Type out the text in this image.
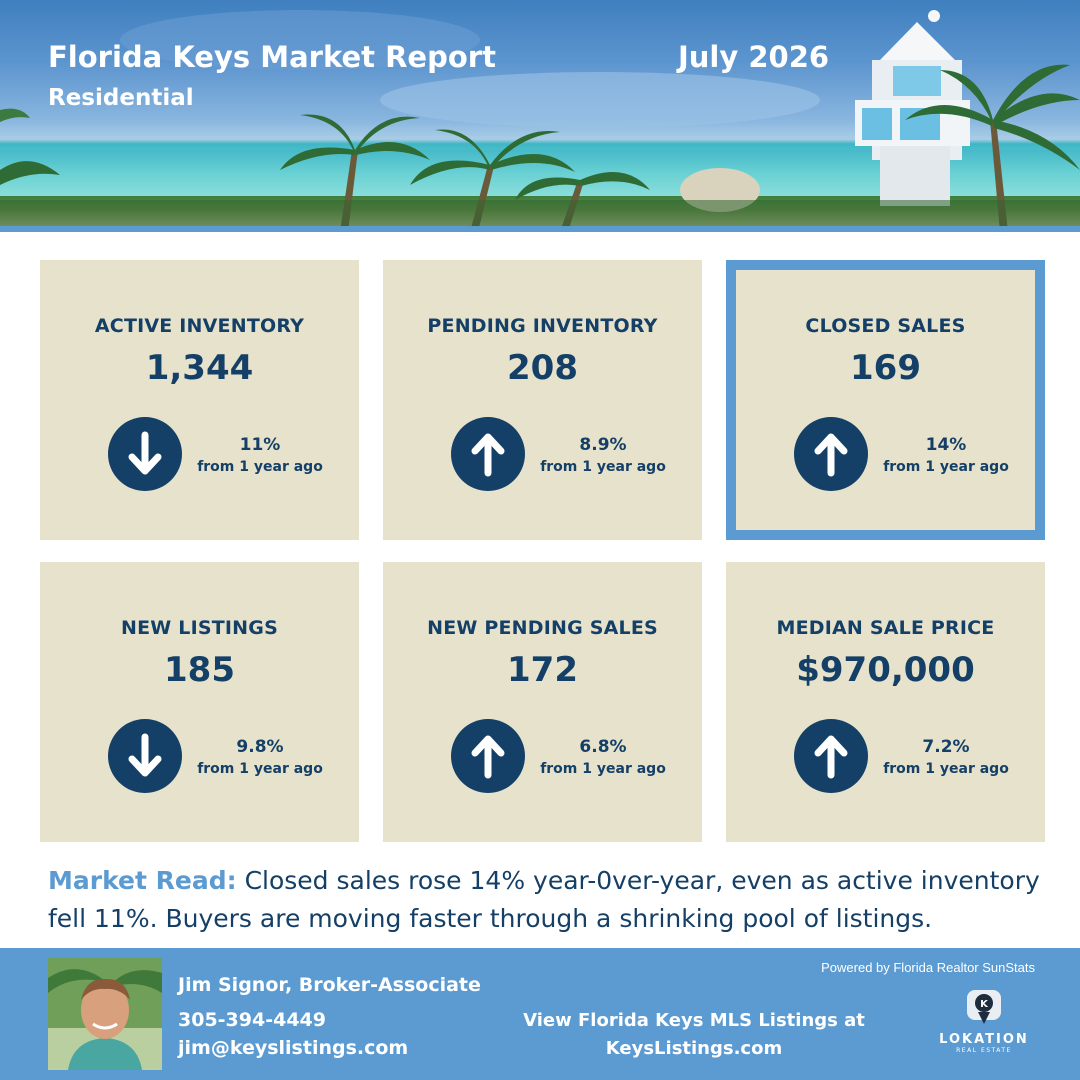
Florida Keys Market Report
Residential
July 2026
ACTIVE INVENTORY
1,344
11%
from 1 year ago
PENDING INVENTORY
208
8.9%
from 1 year ago
CLOSED SALES
169
14%
from 1 year ago
NEW LISTINGS
185
9.8%
from 1 year ago
NEW PENDING SALES
172
6.8%
from 1 year ago
MEDIAN SALE PRICE
$970,000
7.2%
from 1 year ago
Market Read: Closed sales rose 14% year-0ver-year, even as active inventory fell 11%. Buyers are moving faster through a shrinking pool of listings.
Jim Signor, Broker-Associate
305-394-4449
jim@keyslistings.com
Powered by Florida Realtor SunStats
View Florida Keys MLS Listings at
KeysListings.com
K
LOKATION
REAL ESTATE
